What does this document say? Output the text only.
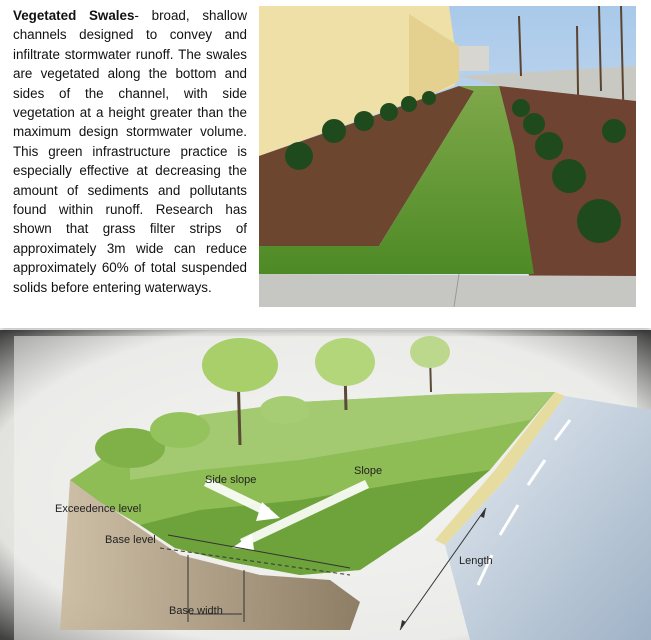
Vegetated Swales- broad, shallow channels designed to convey and infiltrate stormwater runoff. The swales are vegetated along the bottom and sides of the channel, with side vegetation at a height greater than the maximum design stormwater volume. This green infrastructure practice is especially effective at decreasing the amount of sediments and pollutants found within runoff. Research has shown that grass filter strips of approximately 3m wide can reduce approximately 60% of total suspended solids before entering waterways.

Side slope
Slope
Exceedence level
Base level
Length
Base width
